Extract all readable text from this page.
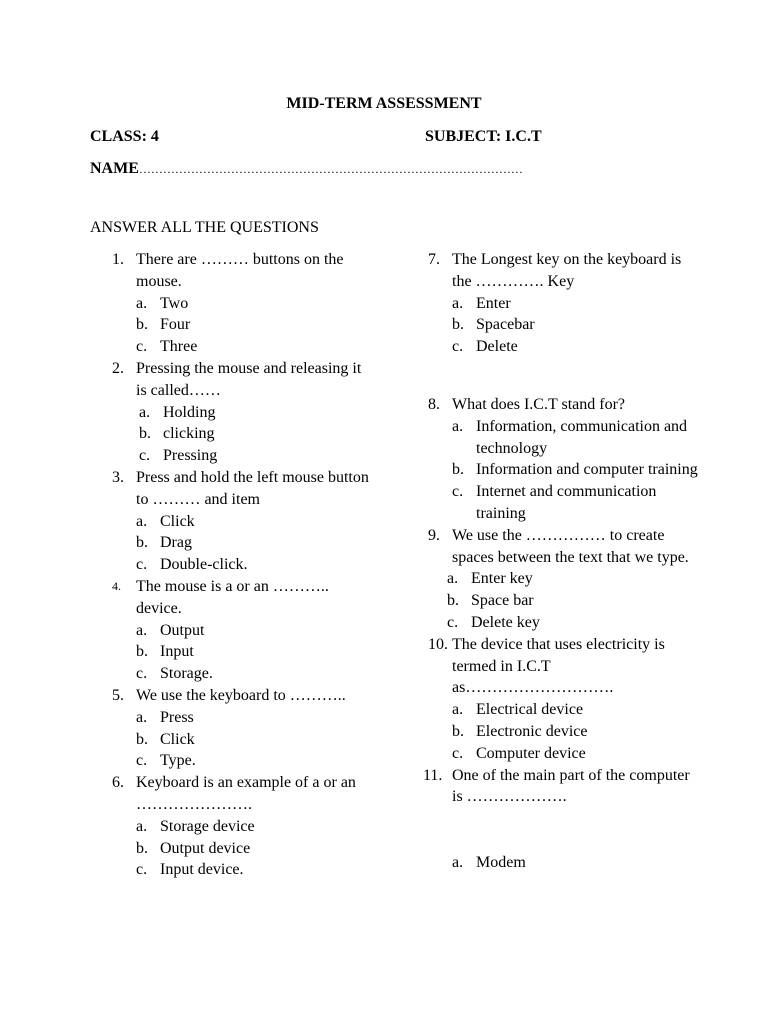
MID-TERM ASSESSMENT
CLASS: 4	SUBJECT: I.C.T
NAME……………………………………………………………………………………
ANSWER ALL THE QUESTIONS
1. There are ……… buttons on the mouse.
a. Two
b. Four
c. Three
2. Pressing the mouse and releasing it is called……
a. Holding
b. clicking
c. Pressing
3. Press and hold the left mouse button to ……… and item
a. Click
b. Drag
c. Double-click.
4. The mouse is a or an ……….. device.
a. Output
b. Input
c. Storage.
5. We use the keyboard to ………..
a. Press
b. Click
c. Type.
6. Keyboard is an example of a or an ………………….
a. Storage device
b. Output device
c. Input device.
7. The Longest key on the keyboard is the …………. Key
a. Enter
b. Spacebar
c. Delete
8. What does I.C.T stand for?
a. Information, communication and technology
b. Information and computer training
c. Internet and communication training
9. We use the …………… to create spaces between the text that we type.
a. Enter key
b. Space bar
c. Delete key
10. The device that uses electricity is termed in I.C.T as……………………….
a. Electrical device
b. Electronic device
c. Computer device
11. One of the main part of the computer is ……………….
a. Modem
